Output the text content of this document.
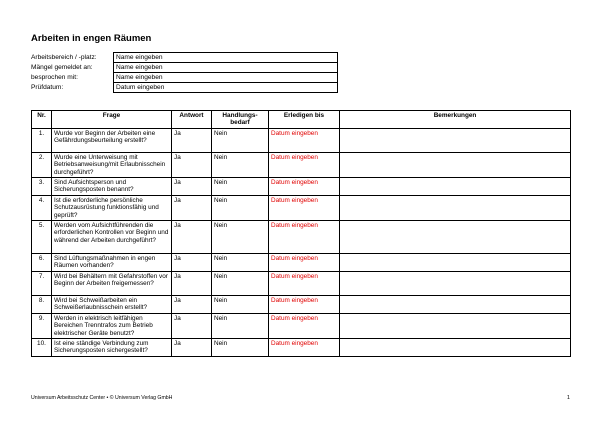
Arbeiten in engen Räumen
Arbeitsbereich / -platz:	Name eingeben
Mängel gemeldet an:	Name eingeben
besprochen mit:	Name eingeben
Prüfdatum:	Datum eingeben
Nr.	Frage	Antwort	Handlungs-bedarf	Erledigen bis	Bemerkungen
1.	Wurde vor Beginn der Arbeiten eine Gefährdungsbeurteilung erstellt?	Ja	Nein	Datum eingeben	
2.	Wurde eine Unterweisung mit Betriebsanweisung/mit Erlaubnisschein durchgeführt?	Ja	Nein	Datum eingeben	
3.	Sind Aufsichtsperson und Sicherungsposten benannt?	Ja	Nein	Datum eingeben	
4.	Ist die erforderliche persönliche Schutzausrüstung funktionsfähig und geprüft?	Ja	Nein	Datum eingeben	
5.	Werden vom Aufsichtführenden die erforderlichen Kontrollen vor Beginn und während der Arbeiten durchgeführt?	Ja	Nein	Datum eingeben	
6.	Sind Lüftungsmaßnahmen in engen Räumen vorhanden?	Ja	Nein	Datum eingeben	
7.	Wird bei Behältern mit Gefahrstoffen vor Beginn der Arbeiten freigemessen?	Ja	Nein	Datum eingeben	
8.	Wird bei Schweißarbeiten ein Schweißerlaubnisschein erstellt?	Ja	Nein	Datum eingeben	
9.	Werden in elektrisch leitfähigen Bereichen Trenntrafos zum Betrieb elektrischer Geräte benutzt?	Ja	Nein	Datum eingeben	
10.	Ist eine ständige Verbindung zum Sicherungsposten sichergestellt?	Ja	Nein	Datum eingeben	
Universum Arbeitsschutz Center • © Universum Verlag GmbH	1
